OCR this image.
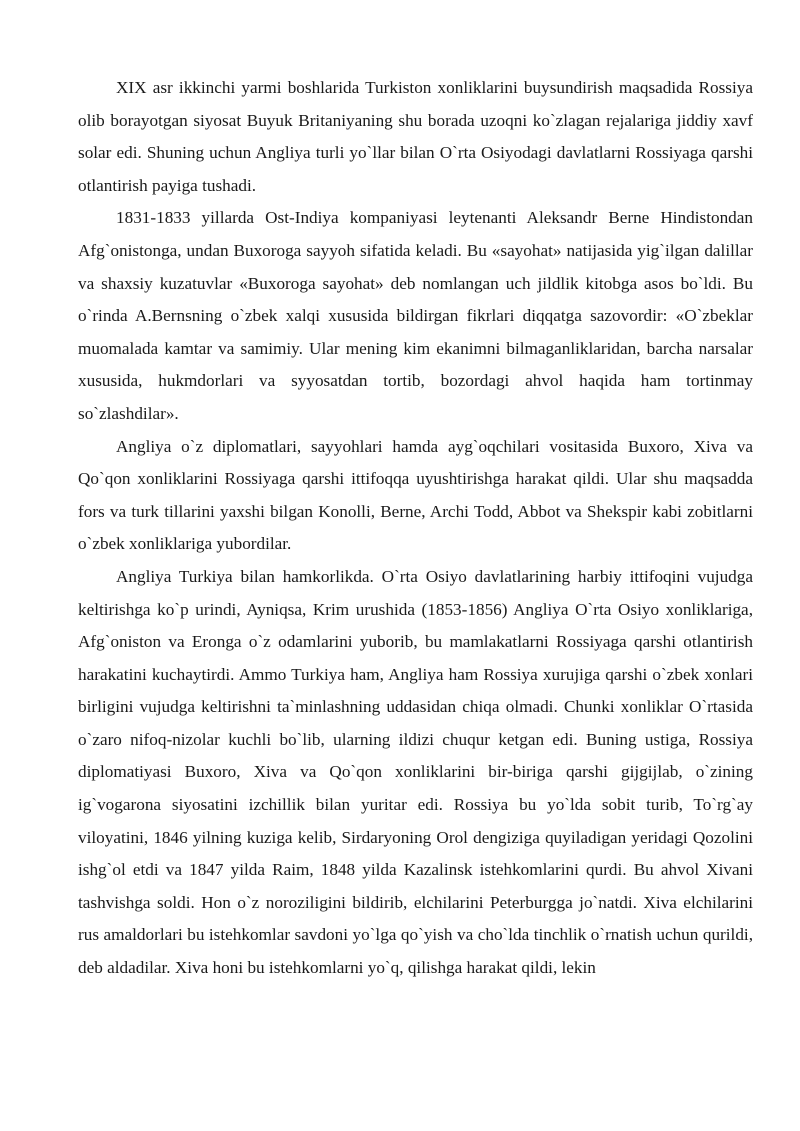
XIX asr ikkinchi yarmi boshlarida Turkiston xonliklarini buysundirish maqsadida Rossiya olib borayotgan siyosat Buyuk Britaniyaning shu borada uzoqni ko`zlagan rejalariga jiddiy xavf solar edi. Shuning uchun Angliya turli yo`llar bilan O`rta Osiyodagi davlatlarni Rossiyaga qarshi otlantirish payiga tushadi.

1831-1833 yillarda Ost-Indiya kompaniyasi leytenanti Aleksandr Berne Hindistondan Afg`onistonga, undan Buxoroga sayyoh sifatida keladi. Bu «sayohat» natijasida yig`ilgan dalillar va shaxsiy kuzatuvlar «Buxoroga sayohat» deb nomlangan uch jildlik kitobga asos bo`ldi. Bu o`rinda A.Bernsning o`zbek xalqi xususida bildirgan fikrlari diqqatga sazovordir: «O`zbeklar muomalada kamtar va samimiy. Ular mening kim ekanimni bilmaganliklaridan, barcha narsalar xususida, hukmdorlari va syyosatdan tortib, bozordagi ahvol haqida ham tortinmay so`zlashdilar».

Angliya o`z diplomatlari, sayyohlari hamda ayg`oqchilari vositasida Buxoro, Xiva va Qo`qon xonliklarini Rossiyaga qarshi ittifoqqa uyushtirishga harakat qildi. Ular shu maqsadda fors va turk tillarini yaxshi bilgan Konolli, Berne, Archi Todd, Abbot va Shekspir kabi zobitlarni o`zbek xonliklariga yubordilar.

Angliya Turkiya bilan hamkorlikda. O`rta Osiyo davlatlarining harbiy ittifoqini vujudga keltirishga ko`p urindi, Ayniqsa, Krim urushida (1853-1856) Angliya O`rta Osiyo xonliklariga, Afg`oniston va Eronga o`z odamlarini yuborib, bu mamlakatlarni Rossiyaga qarshi otlantirish harakatini kuchaytirdi. Ammo Turkiya ham, Angliya ham Rossiya xurujiga qarshi o`zbek xonlari birligini vujudga keltirishni ta`minlashning uddasidan chiqa olmadi. Chunki xonliklar O`rtasida o`zaro nifoq-nizolar kuchli bo`lib, ularning ildizi chuqur ketgan edi. Buning ustiga, Rossiya diplomatiyasi Buxoro, Xiva va Qo`qon xonliklarini bir-biriga qarshi gijgijlab, o`zining ig`vogarona siyosatini izchillik bilan yuritar edi. Rossiya bu yo`lda sobit turib, To`rg`ay viloyatini, 1846 yilning kuziga kelib, Sirdaryoning Orol dengiziga quyiladigan yeridagi Qozolini ishg`ol etdi va 1847 yilda Raim, 1848 yilda Kazalinsk istehkomlarini qurdi. Bu ahvol Xivani tashvishga soldi. Hon o`z noroziligini bildirib, elchilarini Peterburgga jo`natdi. Xiva elchilarini rus amaldorlari bu istehkomlar savdoni yo`lga qo`yish va cho`lda tinchlik o`rnatish uchun qurildi, deb aldadilar. Xiva honi bu istehkomlarni yo`q, qilishga harakat qildi, lekin
